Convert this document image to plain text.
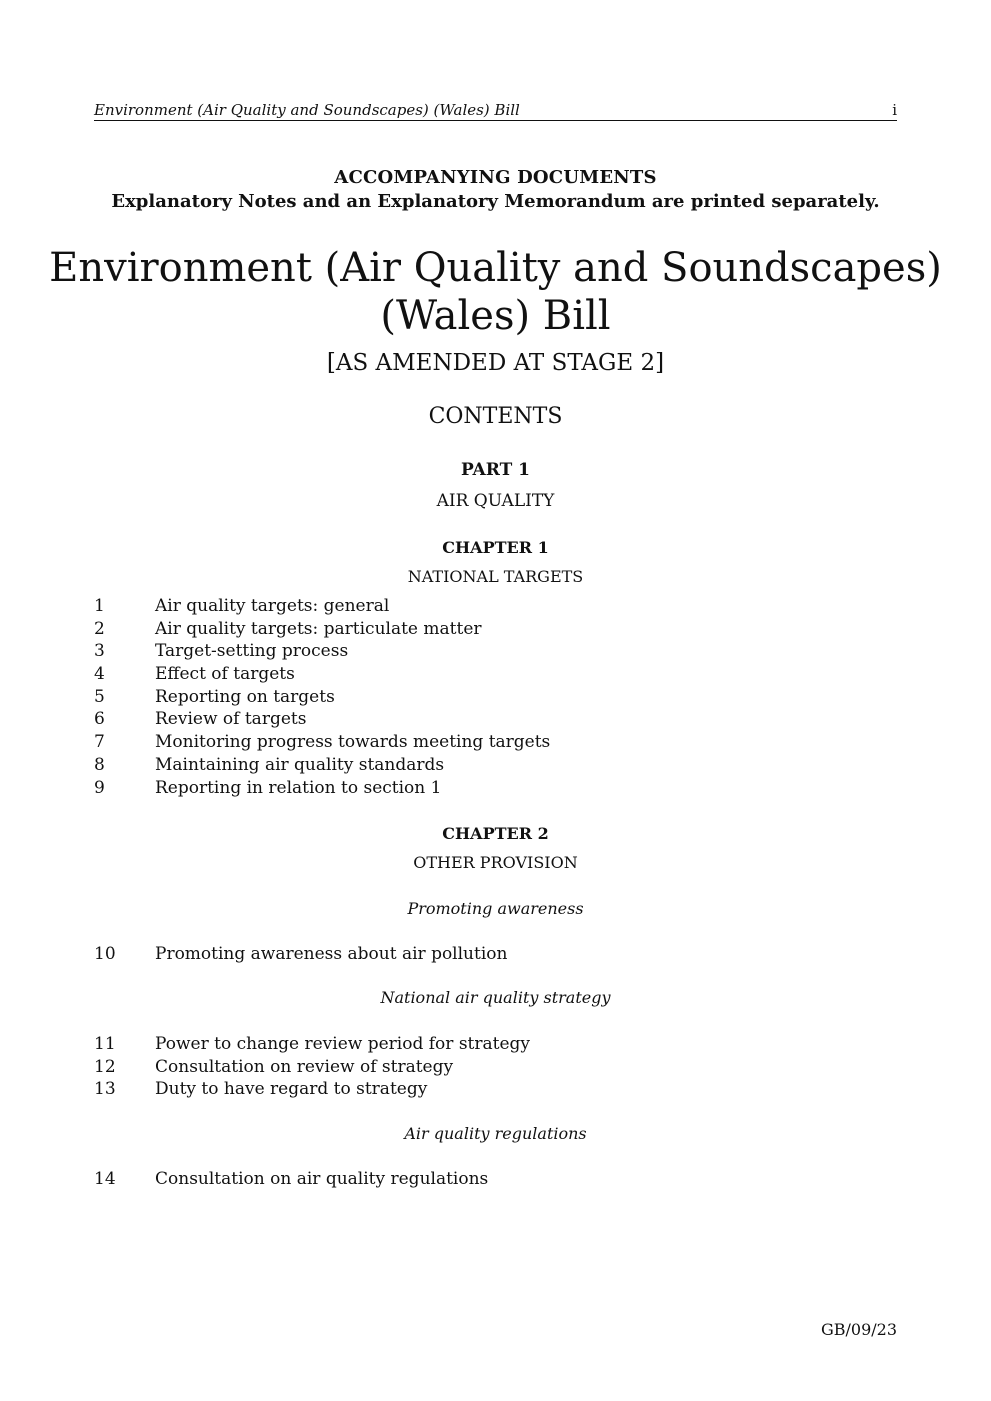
Environment (Air Quality and Soundscapes) (Wales) Bill	i
ACCOMPANYING DOCUMENTS
Explanatory Notes and an Explanatory Memorandum are printed separately.
Environment (Air Quality and Soundscapes)
(Wales) Bill
[AS AMENDED AT STAGE 2]
CONTENTS
PART 1
AIR QUALITY
CHAPTER 1
NATIONAL TARGETS
1	Air quality targets: general
2	Air quality targets: particulate matter
3	Target-setting process
4	Effect of targets
5	Reporting on targets
6	Review of targets
7	Monitoring progress towards meeting targets
8	Maintaining air quality standards
9	Reporting in relation to section 1
CHAPTER 2
OTHER PROVISION
Promoting awareness
10 Promoting awareness about air pollution
National air quality strategy
11 Power to change review period for strategy
12 Consultation on review of strategy
13 Duty to have regard to strategy
Air quality regulations
14 Consultation on air quality regulations
GB/09/23
